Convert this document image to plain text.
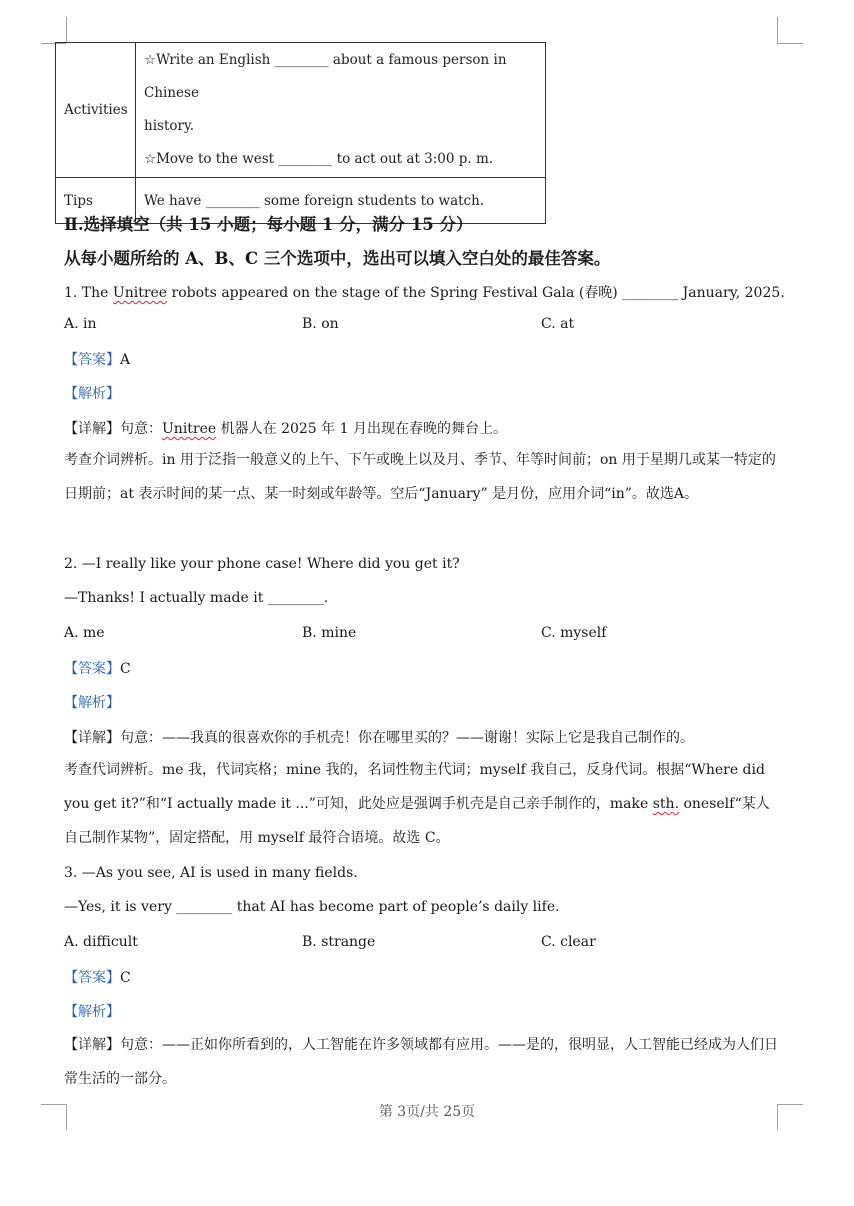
Activities	☆Write an English ________ about a famous person in Chinese

history.

☆Move to the west ________ to act out at 3:00 p. m.

Tips	We have ________ some foreign students to watch.
Ⅱ.选择填空（共 15 小题；每小题 1 分，满分 15 分）
从每小题所给的 A、B、C 三个选项中，选出可以填入空白处的最佳答案。
1. The Unitree robots appeared on the stage of the Spring Festival Gala (春晚) ________ January, 2025.
A. in	B. on	C. at
【答案】A
【解析】
【详解】句意：Unitree 机器人在 2025 年 1 月出现在春晚的舞台上。
考查介词辨析。in 用于泛指一般意义的上午、下午或晚上以及月、季节、年等时间前；on 用于星期几或某一特定的日期前；at 表示时间的某一点、某一时刻或年龄等。空后“January” 是月份，应用介词“in”。故选A。
2. —I really like your phone case! Where did you get it?
—Thanks! I actually made it ________.
A. me	B. mine	C. myself
【答案】C
【解析】
【详解】句意：——我真的很喜欢你的手机壳！你在哪里买的？——谢谢！实际上它是我自己制作的。
考查代词辨析。me 我，代词宾格；mine 我的，名词性物主代词；myself 我自己，反身代词。根据“Where did you get it?”和“I actually made it ...”可知，此处应是强调手机壳是自己亲手制作的，make sth. oneself“某人自己制作某物”，固定搭配，用 myself 最符合语境。故选 C。
3. —As you see, AI is used in many fields.
—Yes, it is very ________ that AI has become part of people’s daily life.
A. difficult	B. strange	C. clear
【答案】C
【解析】
【详解】句意：——正如你所看到的，人工智能在许多领域都有应用。——是的，很明显，人工智能已经成为人们日常生活的一部分。
第 3页/共 25页
